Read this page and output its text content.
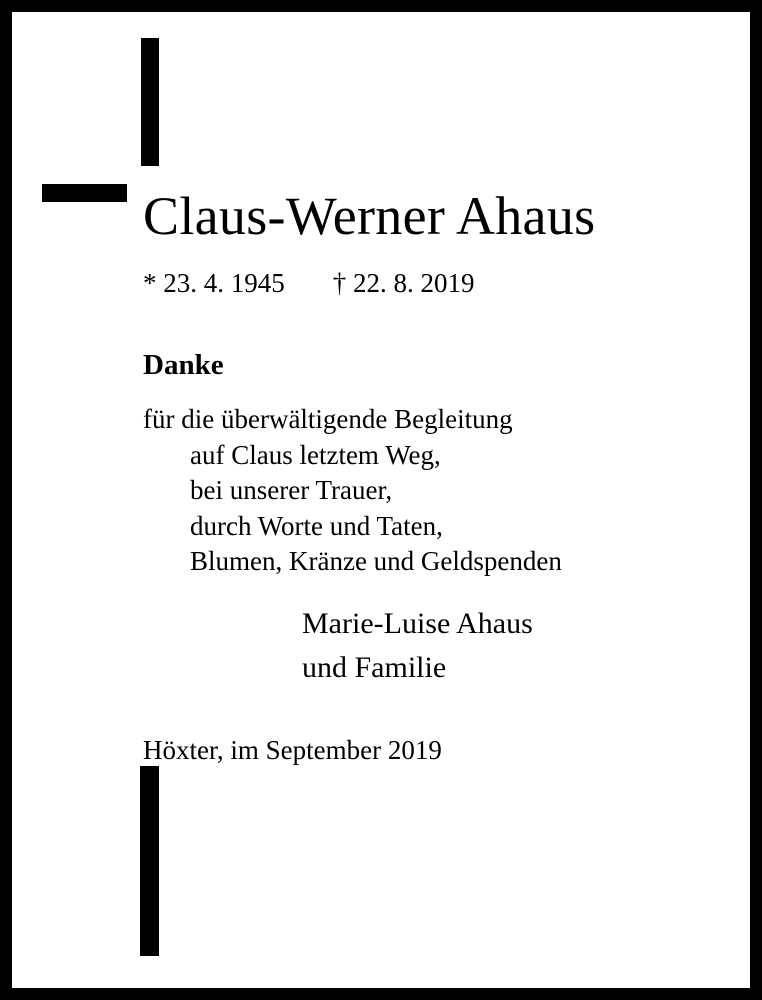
Claus-Werner Ahaus
* 23. 4. 1945 † 22. 8. 2019
Danke
für die überwältigende Begleitung
auf Claus letztem Weg,
bei unserer Trauer,
durch Worte und Taten,
Blumen, Kränze und Geldspenden
Marie-Luise Ahaus
und Familie
Höxter, im September 2019
